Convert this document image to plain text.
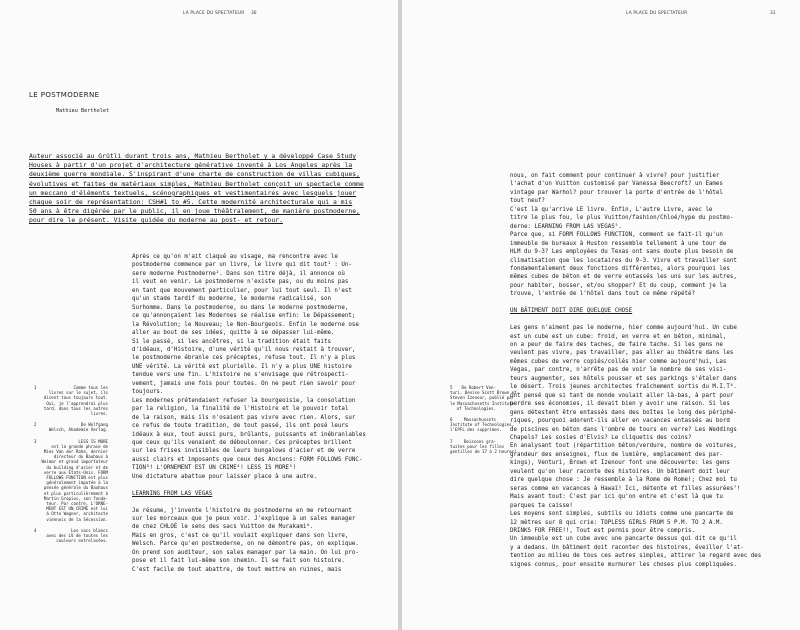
LA PLACE DU SPECTATEUR 30
LE POSTMODERNE
Mathieu Bertholet
Auteur associé au Grütli durant trois ans, Mathieu Bertholet y a développé Case Study
Houses à partir d'un projet d'architecture générative inventé à Los Angeles après la
deuxième guerre mondiale. S'inspirant d'une charte de construction de villas cubiques,
évolutives et faites de matériaux simples, Mathieu Bertholet conçoit un spectacle comme
un meccano d'éléments textuels, scénographiques et vestimentaires avec lesquels jouer
chaque soir de représentation: CSH#1 to #5. Cette modernité architecturale qui a mis
50 ans à être digérée par le public, il en joue théâtralement, de manière postmoderne,
pour dire le présent. Visite guidée du moderne au post- et retour.
Après ce qu'on m'ait claqué au visage, ma rencontre avec le
postmoderne commence par un livre, le livre qui dit tout¹ : Un-
sere moderne Postmoderne². Dans son titre déjà, il annonce où
il veut en venir. Le postmoderne n'existe pas, ou du moins pas
en tant que mouvement particulier, pour lui tout seul. Il n'est
qu'un stade tardif du moderne, le moderne radicalisé, son
Surhomme. Dans le postmoderne, ou dans le moderne postmoderne,
ce qu'annonçaient les Modernes se réalise enfin: le Dépassement;
la Révolution; le Nouveau; le Non-Bourgeois. Enfin le moderne ose
aller au bout de ses idées, quitte à se dépasser lui-même.
Si le passé, si les ancêtres, si la tradition était faits
d'idéaux, d'Histoire, d'une vérité qu'il nous restait à trouver,
le postmoderne ébranle ces préceptes, refuse tout. Il n'y a plus
UNE vérité. La vérité est plurielle. Il n'y a plus UNE histoire
tendue vers une fin. L'histoire ne s'envisage que rétrospecti-
vement, jamais une fois pour toutes. On ne peut rien savoir pour
toujours.
Les modernes prétendaient refuser la bourgeoisie, la consolation
par la religion, la finalité de l'Histoire et le pouvoir total
de la raison, mais ils n'osaient pas vivre avec rien. Alors, sur
ce refus de toute tradition, de tout passé, ils ont posé leurs
idéaux à eux, tout aussi purs, brûlants, puissants et inébranlables
que ceux qu'ils venaient de déboulonner. Ces préceptes brillent
sur les frises invisibles de leurs bungalows d'acier et de verre
aussi clairs et imposants que ceux des Anciens: FORM FOLLOWS FUNC-
TION³! L'ORNEMENT EST UN CRIME⁴! LESS IS MORE⁵!
Une dictature abattue pour laisser place à une autre.
LEARNING FROM LAS VEGAS
Je résume, j'invente l'histoire du postmoderne en me retournant
sur les morceaux que je peux voir. J'explique à un sales manager
de chez CHLOÉ le sens des sacs Vuitton de Murakami⁶.
Mais en gros, c'est ce qu'il voulait expliquer dans son livre,
Welsch. Parce qu'en postmoderne, on ne démontre pas, on explique.
On prend son auditeur, son sales manager par la main. On lui pro-
pose et il fait lui-même son chemin. Il se fait son histoire.
C'est facile de tout abattre, de tout mettre en ruines, mais
1	Comme tous les
livres sur le sujet, ils
disent tous toujours tout.
Oui, je l'apprendrai plus
tard, dans tous les autres
livres.
2	De Wolfgang
Welsch, Akademie Verlag.
3	LESS IS MORE
est la grande phrase de
Mies Van der Rohe, dernier
directeur du Bauhaus à
Weimar et grand importateur
du building d'acier et de
verre aux États-Unis. FORM
FOLLOWS FUNCTION est plus
généralement imputée à la
pensée générale du Bauhaus
et plus particulièrement à
Martin Gropius, son fonda-
teur. Par contre, L'ORNE-
MENT EST UN CRIME est lui
à Otto Wagner, architecte
viennois de la Sécession.
4	Les sacs blancs
avec des LV de toutes les
couleurs entrelacées.
LA PLACE DU SPECTATEUR	31
nous, on fait comment pour continuer à vivre? pour justifier
l'achat d'un Vuitton customisé par Vanessa Beecroft? un Eames
vintage par Warhol? pour trouver la porte d'entrée de l'hôtel
tout neuf?
C'est là qu'arrive LE livre. Enfin, L'autre Livre, avec le
titre le plus fou, le plus Vuitton/fashion/Chloé/hype du postmo-
derne: LEARNING FROM LAS VEGAS⁵.
Parce que, si FORM FOLLOWS FUNCTION, comment se fait-il qu'un
immeuble de bureaux à Huston ressemble tellement à une tour de
HLM du 9-3? Les employées du Texas ont sans doute plus besoin de
climatisation que les locataires du 9-3. Vivre et travailler sont
fondamentalement deux fonctions différentes, alors pourquoi les
mêmes cubes de béton et de verre entassés les uns sur les autres,
pour habiter, bosser, et/ou shopper? Et du coup, comment je la
trouve, l'entrée de l'hôtel dans tout ce même répété?
UN BÂTIMENT DOIT DIRE QUELQUE CHOSE
Les gens n'aiment pas le moderne, hier comme aujourd'hui. Un cube
est un cube est un cube: froid, en verre et en béton, minimal,
on a peur de faire des taches, de faire tache. Si les gens ne
veulent pas vivre, pas travailler, pas aller au théâtre dans les
mêmes cubes de verre copiés/collés hier comme aujourd'hui, Las
Vegas, par contre, n'arrête pas de voir le nombre de ses visi-
teurs augmenter, ses hôtels pousser et ses parkings s'étaler dans
le désert. Trois jeunes architectes fraîchement sortis du M.I.T⁶.
ont pensé que si tant de monde voulait aller là-bas, à part pour
perdre ses économies, il devait bien y avoir une raison. Si les
gens détestent être entassés dans des boîtes le long des périphé-
riques, pourquoi adorent-ils aller en vacances entassés au bord
de piscines en béton dans l'ombre de tours en verre? Les Weddings
Chapels? Les sosies d'Elvis? Le cliquetis des coins?
En analysant tout (répartition béton/verdure, nombre de voitures,
grandeur des enseignes, flux de lumière, emplacement des par-
kings), Venturi, Brown et Izenour font une découverte: les gens
veulent qu'on leur raconte des histoires. Un bâtiment doit leur
dire quelque chose : Je ressemble à la Rome de Rome!; Chez moi tu
seras comme en vacances à Hawaï! Ici, détente et filles assurées⁷!
Mais avant tout: C'est par ici qu'on entre et c'est là que tu
parques ta caisse!
Les moyens sont simples, subtils ou idiots comme une pancarte de
12 mètres sur 8 qui crie: TOPLESS GIRLS FROM 5 P.M. TO 2 A.M.
DRINKS FOR FREE!!, Tout est permis pour être compris.
Un immeuble est un cube avec une pancarte dessus qui dit ce qu'il
y a dedans. Un bâtiment doit raconter des histoires, éveiller l'at-
tention au milieu de tous ces autres simples, attirer le regard avec des
signes connus, pour ensuite murmurer les choses plus compliquées.
5	De Robert Ven-
turi, Denise Scott Brown et
Steven Izenour, publié par
le Massachusetts Institute
of Technologies.
6	Massachussets
Institute of Technologies,
l'EPFL des supprimes.
7	Boissons gra-
tuites pour les filles
gentilles de 17 à 2 heures!
